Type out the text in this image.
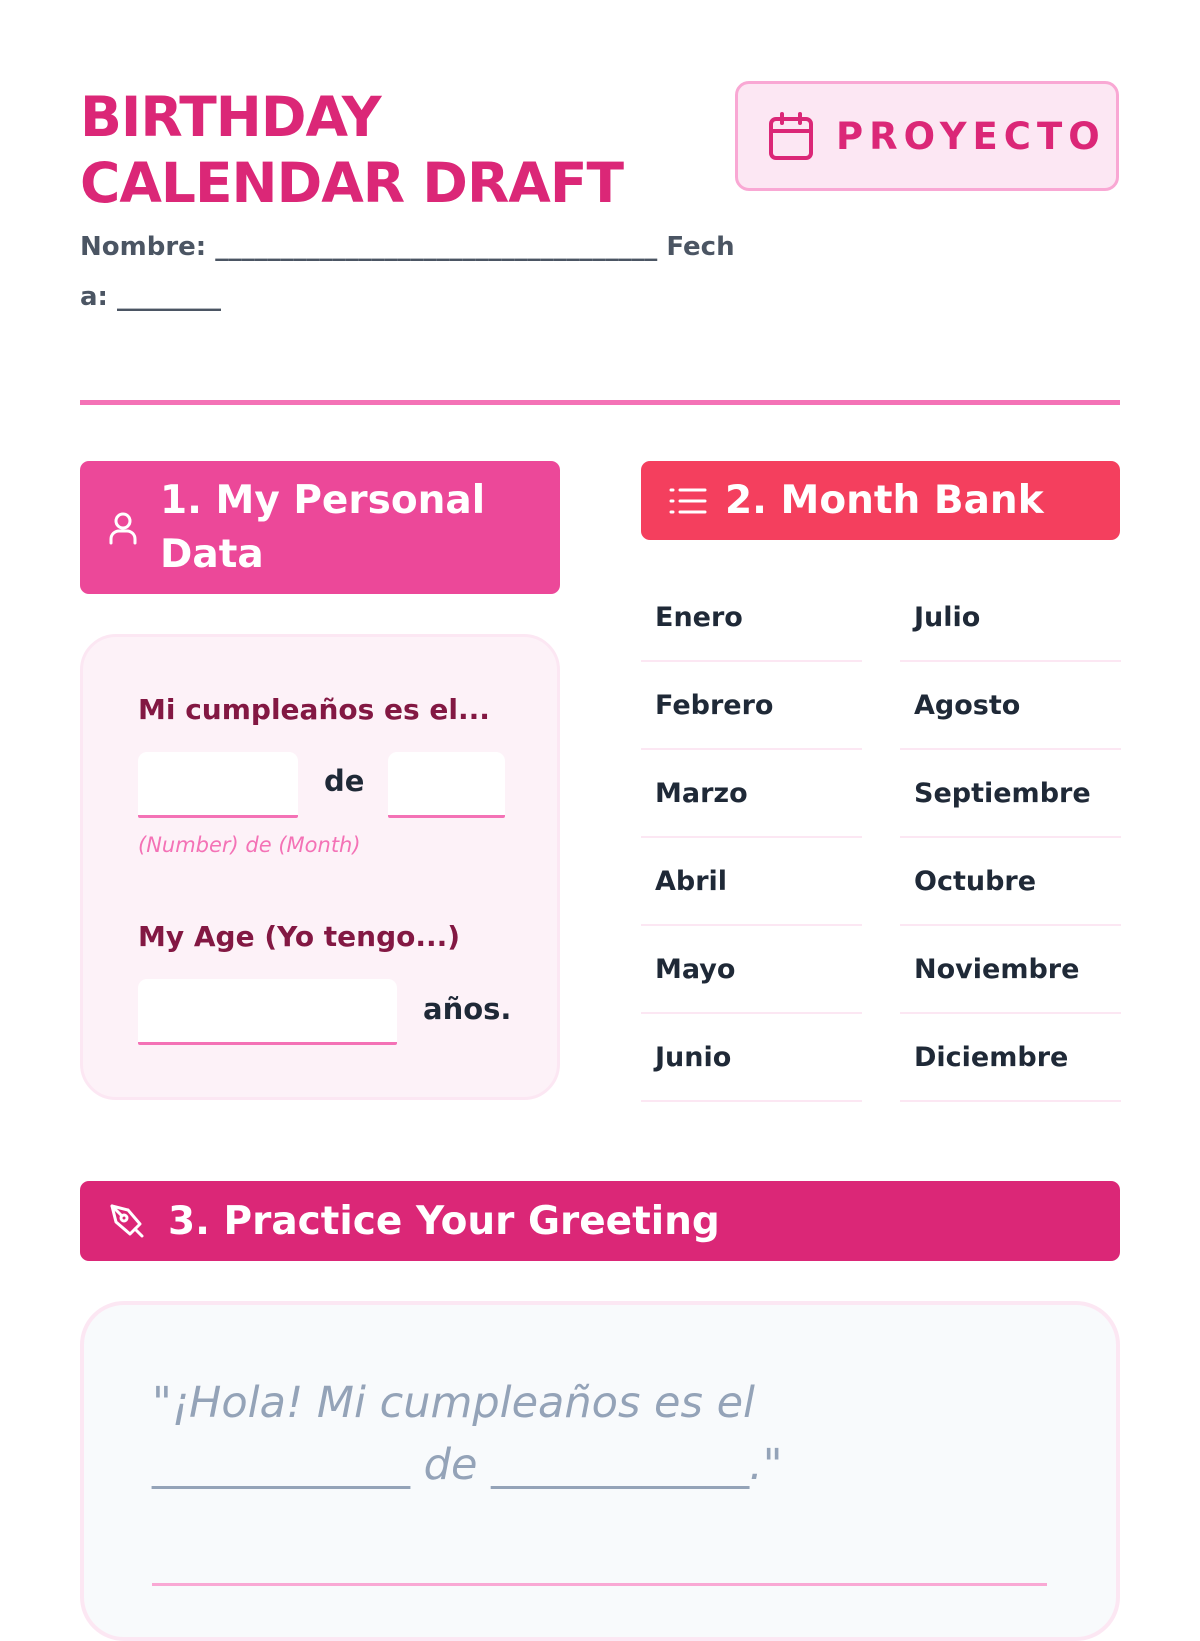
BIRTHDAY
CALENDAR DRAFT
PROYECTO
Nombre: __________________________________ Fecha: ________
1. My Personal Data
2. Month Bank
Mi cumpleaños es el...
de
(Number) de (Month)
My Age (Yo tengo...)
años.
Enero
Febrero
Marzo
Abril
Mayo
Junio
Julio
Agosto
Septiembre
Octubre
Noviembre
Diciembre
3. Practice Your Greeting
"¡Hola! Mi cumpleaños es el
____________ de ____________."
